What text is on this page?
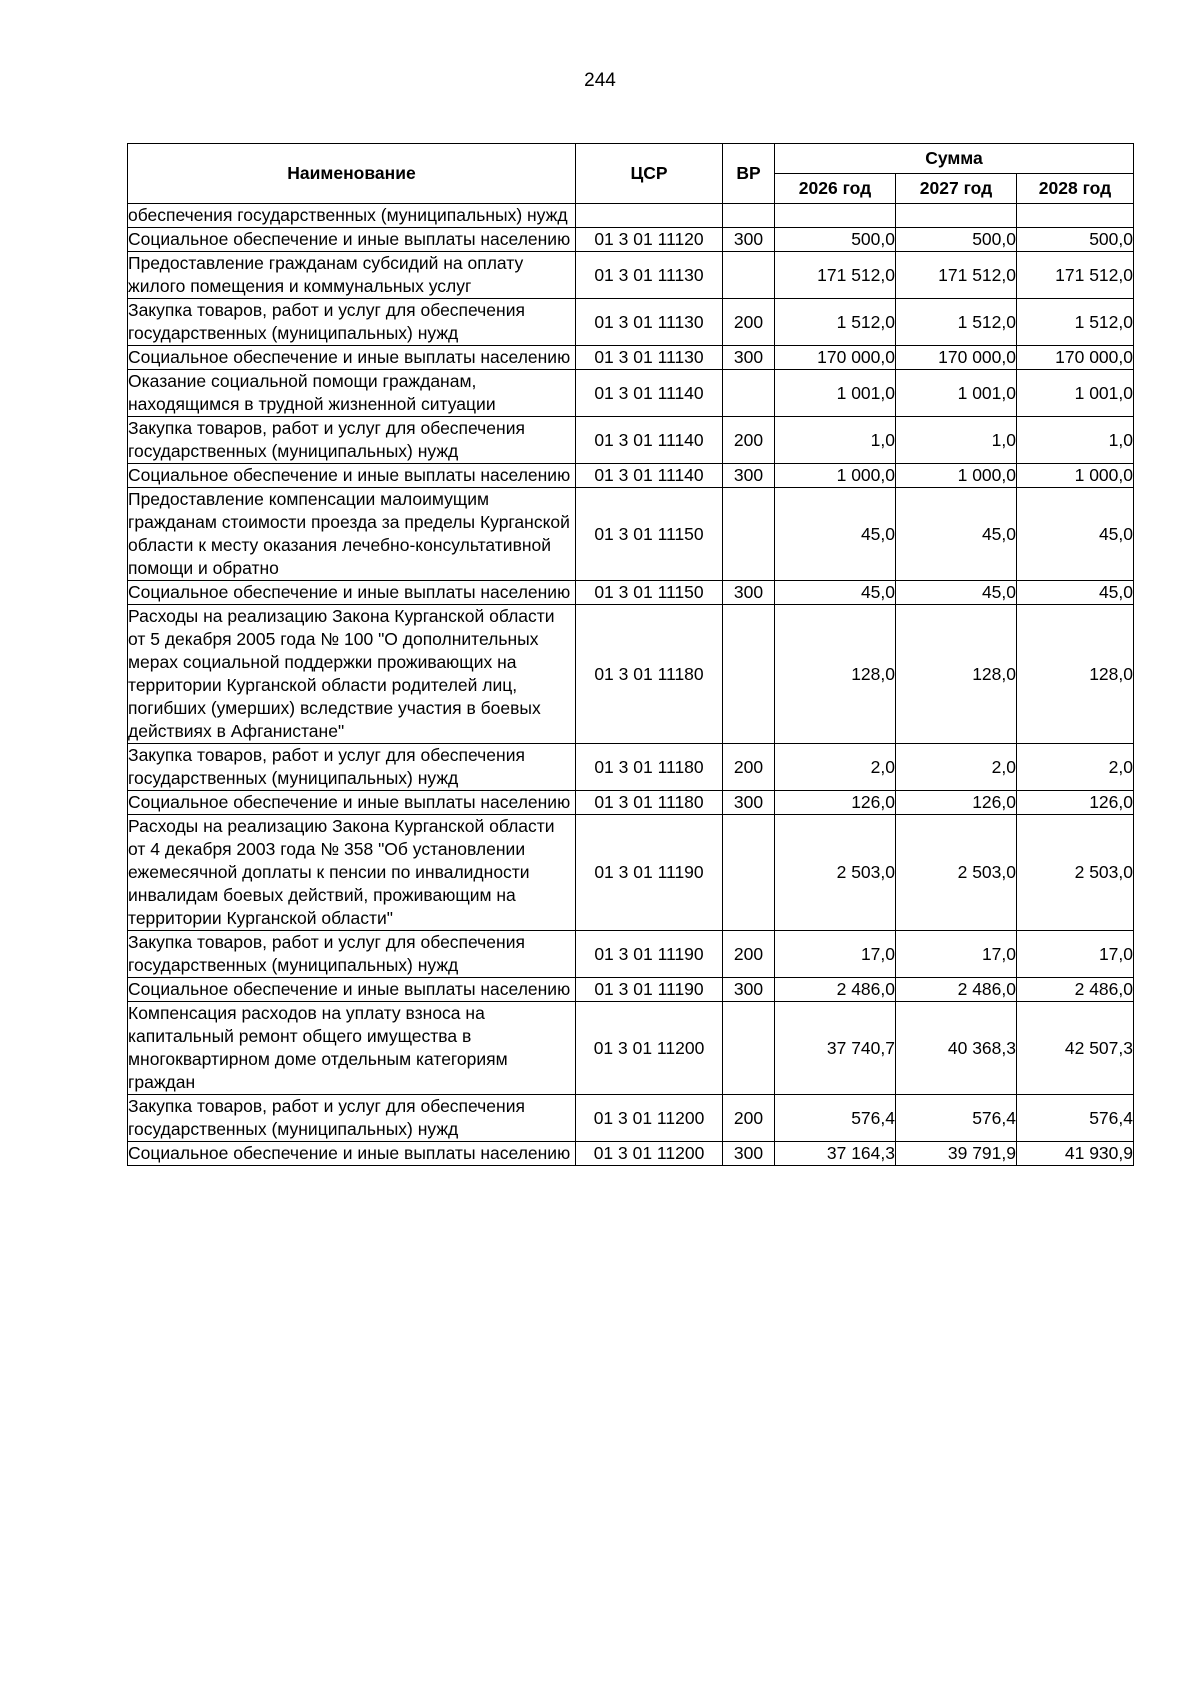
244
Наименование	ЦСР	ВР	Сумма		
			2026 год	2027 год	2028 год
обеспечения государственных (муниципальных) нужд					
Социальное обеспечение и иные выплаты населению	01 3 01 11120	300	500,0	500,0	500,0
Предоставление гражданам субсидий на оплату жилого помещения и коммунальных услуг	01 3 01 11130		171 512,0	171 512,0	171 512,0
Закупка товаров, работ и услуг для обеспечения государственных (муниципальных) нужд	01 3 01 11130	200	1 512,0	1 512,0	1 512,0
Социальное обеспечение и иные выплаты населению	01 3 01 11130	300	170 000,0	170 000,0	170 000,0
Оказание социальной помощи гражданам, находящимся в трудной жизненной ситуации	01 3 01 11140		1 001,0	1 001,0	1 001,0
Закупка товаров, работ и услуг для обеспечения государственных (муниципальных) нужд	01 3 01 11140	200	1,0	1,0	1,0
Социальное обеспечение и иные выплаты населению	01 3 01 11140	300	1 000,0	1 000,0	1 000,0
Предоставление компенсации малоимущим гражданам стоимости проезда за пределы Курганской области к месту оказания лечебно-консультативной помощи и обратно	01 3 01 11150		45,0	45,0	45,0
Социальное обеспечение и иные выплаты населению	01 3 01 11150	300	45,0	45,0	45,0
Расходы на реализацию Закона Курганской области от 5 декабря 2005 года № 100 "О дополнительных мерах социальной поддержки проживающих на территории Курганской области родителей лиц, погибших (умерших) вследствие участия в боевых действиях в Афганистане"	01 3 01 11180		128,0	128,0	128,0
Закупка товаров, работ и услуг для обеспечения государственных (муниципальных) нужд	01 3 01 11180	200	2,0	2,0	2,0
Социальное обеспечение и иные выплаты населению	01 3 01 11180	300	126,0	126,0	126,0
Расходы на реализацию Закона Курганской области от 4 декабря 2003 года № 358 "Об установлении ежемесячной доплаты к пенсии по инвалидности инвалидам боевых действий, проживающим на территории Курганской области"	01 3 01 11190		2 503,0	2 503,0	2 503,0
Закупка товаров, работ и услуг для обеспечения государственных (муниципальных) нужд	01 3 01 11190	200	17,0	17,0	17,0
Социальное обеспечение и иные выплаты населению	01 3 01 11190	300	2 486,0	2 486,0	2 486,0
Компенсация расходов на уплату взноса на капитальный ремонт общего имущества в многоквартирном доме отдельным категориям граждан	01 3 01 11200		37 740,7	40 368,3	42 507,3
Закупка товаров, работ и услуг для обеспечения государственных (муниципальных) нужд	01 3 01 11200	200	576,4	576,4	576,4
Социальное обеспечение и иные выплаты населению	01 3 01 11200	300	37 164,3	39 791,9	41 930,9
